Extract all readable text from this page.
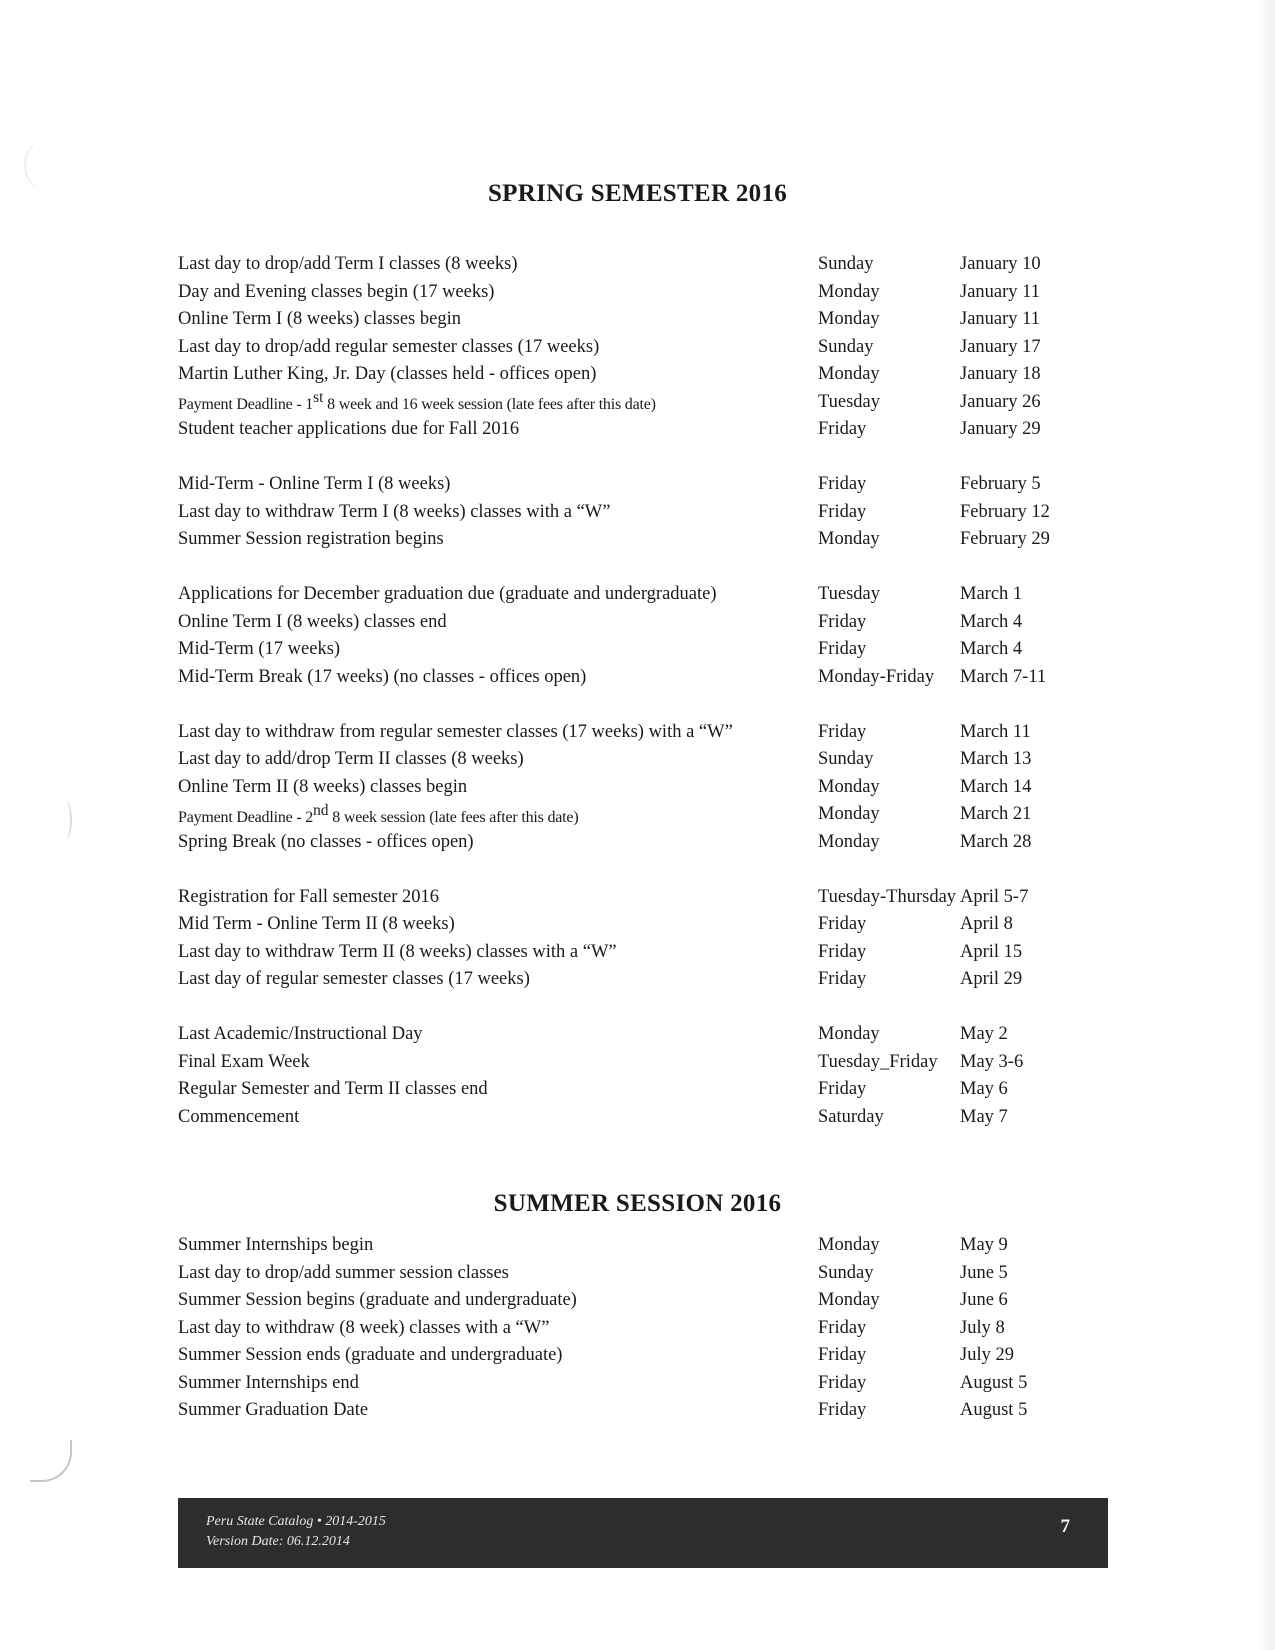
SPRING SEMESTER 2016
Last day to drop/add Term I classes (8 weeks)	Sunday	January 10
Day and Evening classes begin (17 weeks)	Monday	January 11
Online Term I (8 weeks) classes begin	Monday	January 11
Last day to drop/add regular semester classes (17 weeks)	Sunday	January 17
Martin Luther King, Jr. Day (classes held - offices open)	Monday	January 18
Payment Deadline - 1st 8 week and 16 week session (late fees after this date)	Tuesday	January 26
Student teacher applications due for Fall 2016	Friday	January 29
Mid-Term - Online Term I (8 weeks)	Friday	February 5
Last day to withdraw Term I (8 weeks) classes with a “W”	Friday	February 12
Summer Session registration begins	Monday	February 29
Applications for December graduation due (graduate and undergraduate)	Tuesday	March 1
Online Term I (8 weeks) classes end	Friday	March 4
Mid-Term (17 weeks)	Friday	March 4
Mid-Term Break (17 weeks) (no classes - offices open)	Monday-Friday	March 7-11
Last day to withdraw from regular semester classes (17 weeks) with a “W”	Friday	March 11
Last day to add/drop Term II classes (8 weeks)	Sunday	March 13
Online Term II (8 weeks) classes begin	Monday	March 14
Payment Deadline - 2nd 8 week session (late fees after this date)	Monday	March 21
Spring Break (no classes - offices open)	Monday	March 28
Registration for Fall semester 2016	Tuesday-Thursday April 5-7
Mid Term - Online Term II (8 weeks)	Friday	April 8
Last day to withdraw Term II (8 weeks) classes with a “W”	Friday	April 15
Last day of regular semester classes (17 weeks)	Friday	April 29
Last Academic/Instructional Day	Monday	May 2
Final Exam Week	Tuesday_Friday	May 3-6
Regular Semester and Term II classes end	Friday	May 6
Commencement	Saturday	May 7
SUMMER SESSION 2016
Summer Internships begin	Monday	May 9
Last day to drop/add summer session classes	Sunday	June 5
Summer Session begins (graduate and undergraduate)	Monday	June 6
Last day to withdraw (8 week) classes with a “W”	Friday	July 8
Summer Session ends (graduate and undergraduate)	Friday	July 29
Summer Internships end	Friday	August 5
Summer Graduation Date	Friday	August 5
Peru State Catalog • 2014-2015
Version Date: 06.12.2014
7
